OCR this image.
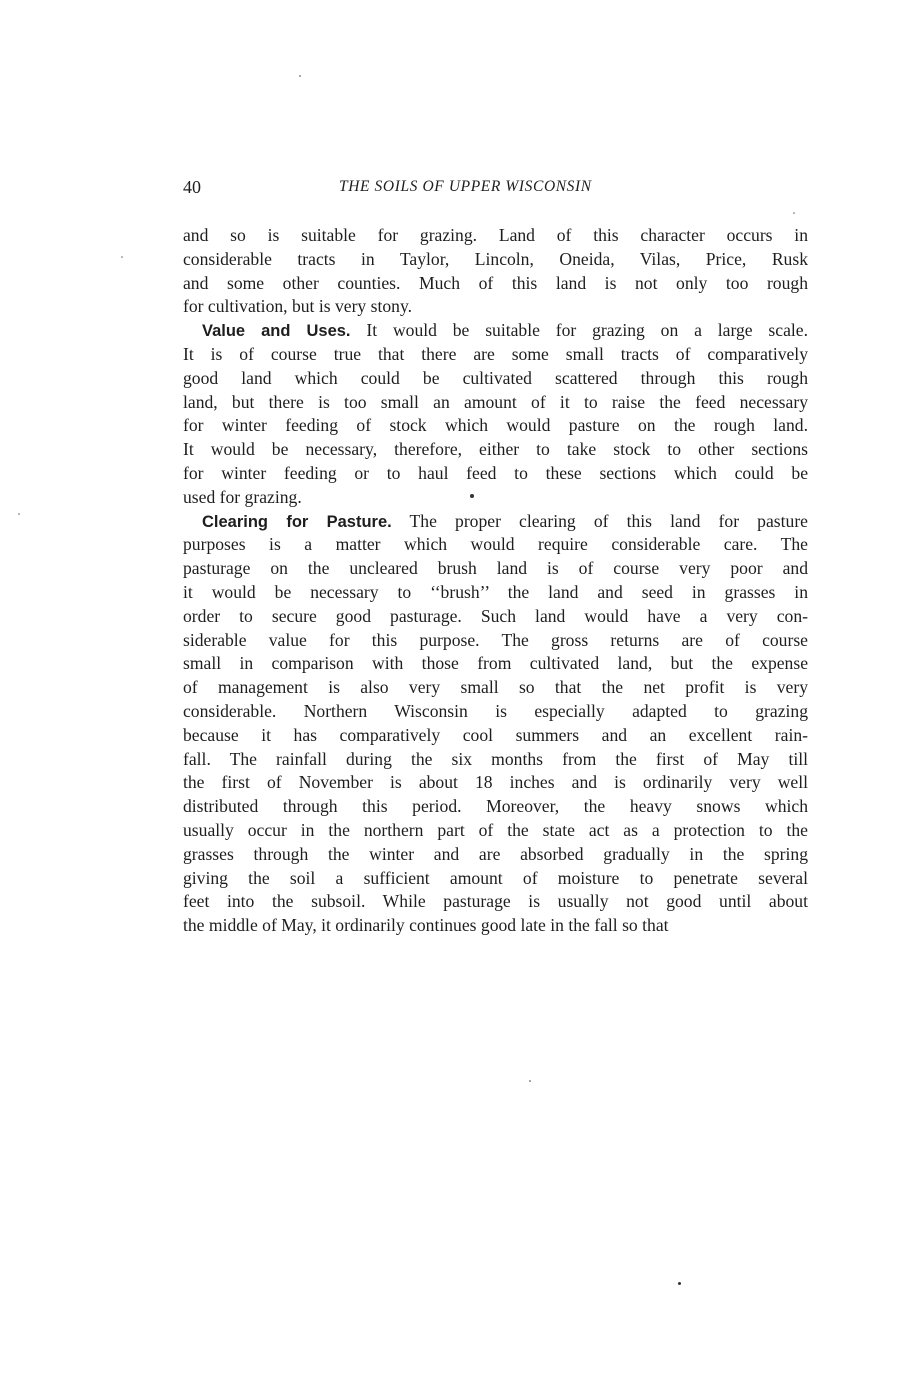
40	THE SOILS OF UPPER WISCONSIN
and so is suitable for grazing. Land of this character occurs in
considerable tracts in Taylor, Lincoln, Oneida, Vilas, Price, Rusk
and some other counties. Much of this land is not only too rough
for cultivation, but is very stony.
Value and Uses. It would be suitable for grazing on a large scale.
It is of course true that there are some small tracts of comparatively
good land which could be cultivated scattered through this rough
land, but there is too small an amount of it to raise the feed necessary
for winter feeding of stock which would pasture on the rough land.
It would be necessary, therefore, either to take stock to other sections
for winter feeding or to haul feed to these sections which could be
used for grazing.
Clearing for Pasture. The proper clearing of this land for pasture
purposes is a matter which would require considerable care. The
pasturage on the uncleared brush land is of course very poor and
it would be necessary to ‘‘brush’’ the land and seed in grasses in
order to secure good pasturage. Such land would have a very con-
siderable value for this purpose. The gross returns are of course
small in comparison with those from cultivated land, but the expense
of management is also very small so that the net profit is very
considerable. Northern Wisconsin is especially adapted to grazing
because it has comparatively cool summers and an excellent rain-
fall. The rainfall during the six months from the first of May till
the first of November is about 18 inches and is ordinarily very well
distributed through this period. Moreover, the heavy snows which
usually occur in the northern part of the state act as a protection to the
grasses through the winter and are absorbed gradually in the spring
giving the soil a sufficient amount of moisture to penetrate several
feet into the subsoil. While pasturage is usually not good until about
the middle of May, it ordinarily continues good late in the fall so that
